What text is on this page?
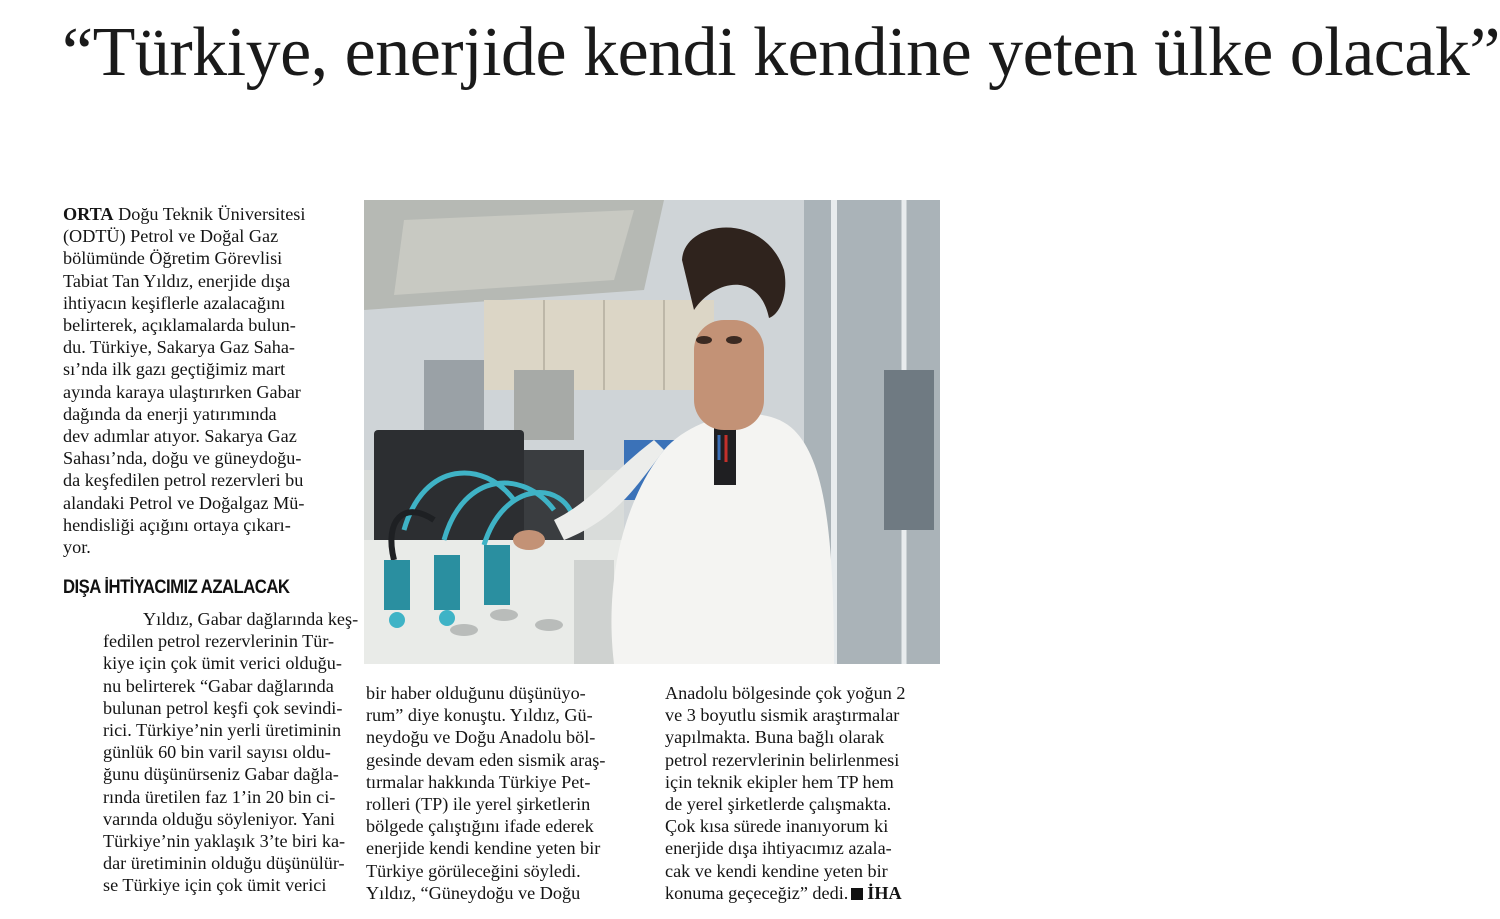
“Türkiye, enerjide kendi kendine yeten ülke olacak”

ORTA Doğu Teknik Üniversitesi
(ODTÜ) Petrol ve Doğal Gaz
bölümünde Öğretim Görevlisi
Tabiat Tan Yıldız, enerjide dışa
ihtiyacın keşiflerle azalacağını
belirterek, açıklamalarda bulun-
du. Türkiye, Sakarya Gaz Saha-
sı’nda ilk gazı geçtiğimiz mart
ayında karaya ulaştırırken Gabar
dağında da enerji yatırımında
dev adımlar atıyor. Sakarya Gaz
Sahası’nda, doğu ve güneydoğu-
da keşfedilen petrol rezervleri bu
alandaki Petrol ve Doğalgaz Mü-
hendisliği açığını ortaya çıkarı-
yor.

DIŞA İHTİYACIMIZ AZALACAK

Yıldız, Gabar dağlarında keş-
fedilen petrol rezervlerinin Tür-
kiye için çok ümit verici olduğu-
nu belirterek “Gabar dağlarında
bulunan petrol keşfi çok sevindi-
rici. Türkiye’nin yerli üretiminin
günlük 60 bin varil sayısı oldu-
ğunu düşünürseniz Gabar dağla-
rında üretilen faz 1’in 20 bin ci-
varında olduğu söyleniyor. Yani
Türkiye’nin yaklaşık 3’te biri ka-
dar üretiminin olduğu düşünülür-
se Türkiye için çok ümit verici

bir haber olduğunu düşünüyo-
rum” diye konuştu. Yıldız, Gü-
neydoğu ve Doğu Anadolu böl-
gesinde devam eden sismik araş-
tırmalar hakkında Türkiye Pet-
rolleri (TP) ile yerel şirketlerin
bölgede çalıştığını ifade ederek
enerjide kendi kendine yeten bir
Türkiye görüleceğini söyledi.
Yıldız, “Güneydoğu ve Doğu

Anadolu bölgesinde çok yoğun 2
ve 3 boyutlu sismik araştırmalar
yapılmakta. Buna bağlı olarak
petrol rezervlerinin belirlenmesi
için teknik ekipler hem TP hem
de yerel şirketlerde çalışmakta.
Çok kısa sürede inanıyorum ki
enerjide dışa ihtiyacımız azala-
cak ve kendi kendine yeten bir
konuma geçeceğiz” dedi. İHA
